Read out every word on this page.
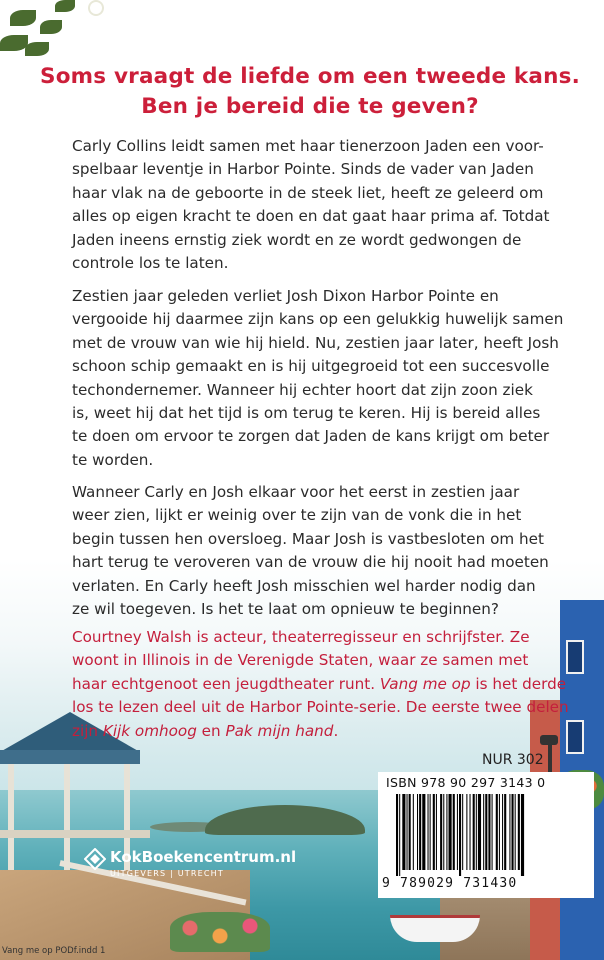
Soms vraagt de liefde om een tweede kans.
Ben je bereid die te geven?

Carly Collins leidt samen met haar tienerzoon Jaden een voor-
spelbaar leventje in Harbor Pointe. Sinds de vader van Jaden
haar vlak na de geboorte in de steek liet, heeft ze geleerd om
alles op eigen kracht te doen en dat gaat haar prima af. Totdat
Jaden ineens ernstig ziek wordt en ze wordt gedwongen de
controle los te laten.

Zestien jaar geleden verliet Josh Dixon Harbor Pointe en
vergooide hij daarmee zijn kans op een gelukkig huwelijk samen
met de vrouw van wie hij hield. Nu, zestien jaar later, heeft Josh
schoon schip gemaakt en is hij uitgegroeid tot een succesvolle
techondernemer. Wanneer hij echter hoort dat zijn zoon ziek
is, weet hij dat het tijd is om terug te keren. Hij is bereid alles
te doen om ervoor te zorgen dat Jaden de kans krijgt om beter
te worden.

Wanneer Carly en Josh elkaar voor het eerst in zestien jaar
weer zien, lijkt er weinig over te zijn van de vonk die in het
begin tussen hen oversloeg. Maar Josh is vastbesloten om het
hart terug te veroveren van de vrouw die hij nooit had moeten
verlaten. En Carly heeft Josh misschien wel harder nodig dan
ze wil toegeven. Is het te laat om opnieuw te beginnen?

Courtney Walsh is acteur, theaterregisseur en schrijfster. Ze
woont in Illinois in de Verenigde Staten, waar ze samen met
haar echtgenoot een jeugdtheater runt. Vang me op is het derde
los te lezen deel uit de Harbor Pointe-serie. De eerste twee delen
zijn Kijk omhoog en Pak mijn hand.

NUR 302
ISBN 978 90 297 3143 0
9 789029 731430
KokBoekencentrum.nl
UITGEVERS | UTRECHT
Vang me op PODf.indd 1
